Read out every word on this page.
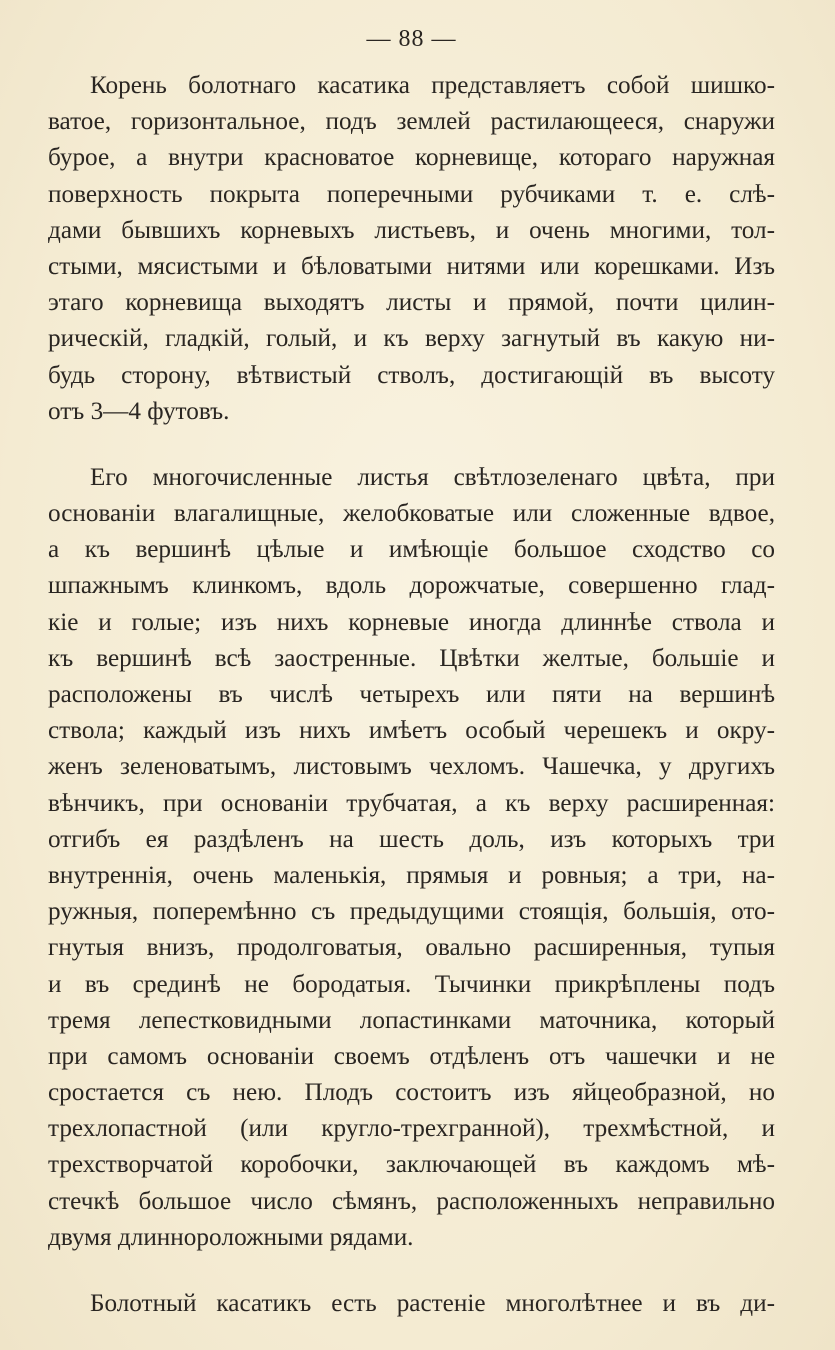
— 88 —

Корень болотнаго касатика представляетъ собой шишко-
ватое, горизонтальное, подъ землей растилающееся, снаружи
бурое, а внутри красноватое корневище, котораго наружная
поверхность покрыта поперечными рубчиками т. е. слѣ-
дами бывшихъ корневыхъ листьевъ, и очень многими, тол-
стыми, мясистыми и бѣловатыми нитями или корешками. Изъ
этаго корневища выходятъ листы и прямой, почти цилин-
рическій, гладкій, голый, и къ верху загнутый въ какую ни-
будь сторону, вѣтвистый стволъ, достигающій въ высоту
отъ 3—4 футовъ.

Его многочисленные листья свѣтлозеленаго цвѣта, при
основаніи влагалищные, желобковатые или сложенные вдвое,
а къ вершинѣ цѣлые и имѣющіе большое сходство со
шпажнымъ клинкомъ, вдоль дорожчатые, совершенно глад-
кіе и голые; изъ нихъ корневые иногда длиннѣе ствола и
къ вершинѣ всѣ заостренные. Цвѣтки желтые, большіе и
расположены въ числѣ четырехъ или пяти на вершинѣ
ствола; каждый изъ нихъ имѣетъ особый черешекъ и окру-
женъ зеленоватымъ, листовымъ чехломъ. Чашечка, у другихъ
вѣнчикъ, при основаніи трубчатая, а къ верху расширенная:
отгибъ ея раздѣленъ на шесть доль, изъ которыхъ три
внутреннія, очень маленькія, прямыя и ровныя; а три, на-
ружныя, поперемѣнно съ предыдущими стоящія, большія, ото-
гнутыя внизъ, продолговатыя, овально расширенныя, тупыя
и въ срединѣ не бородатыя. Тычинки прикрѣплены подъ
тремя лепестковидными лопастинками маточника, который
при самомъ основаніи своемъ отдѣленъ отъ чашечки и не
сростается съ нею. Плодъ состоитъ изъ яйцеобразной, но
трехлопастной (или кругло-трехгранной), трехмѣстной, и
трехстворчатой коробочки, заключающей въ каждомъ мѣ-
стечкѣ большое число сѣмянъ, расположенныхъ неправильно
двумя длиннopoложными рядами.

Болотный касатикъ есть растеніе многолѣтнее и въ ди-
